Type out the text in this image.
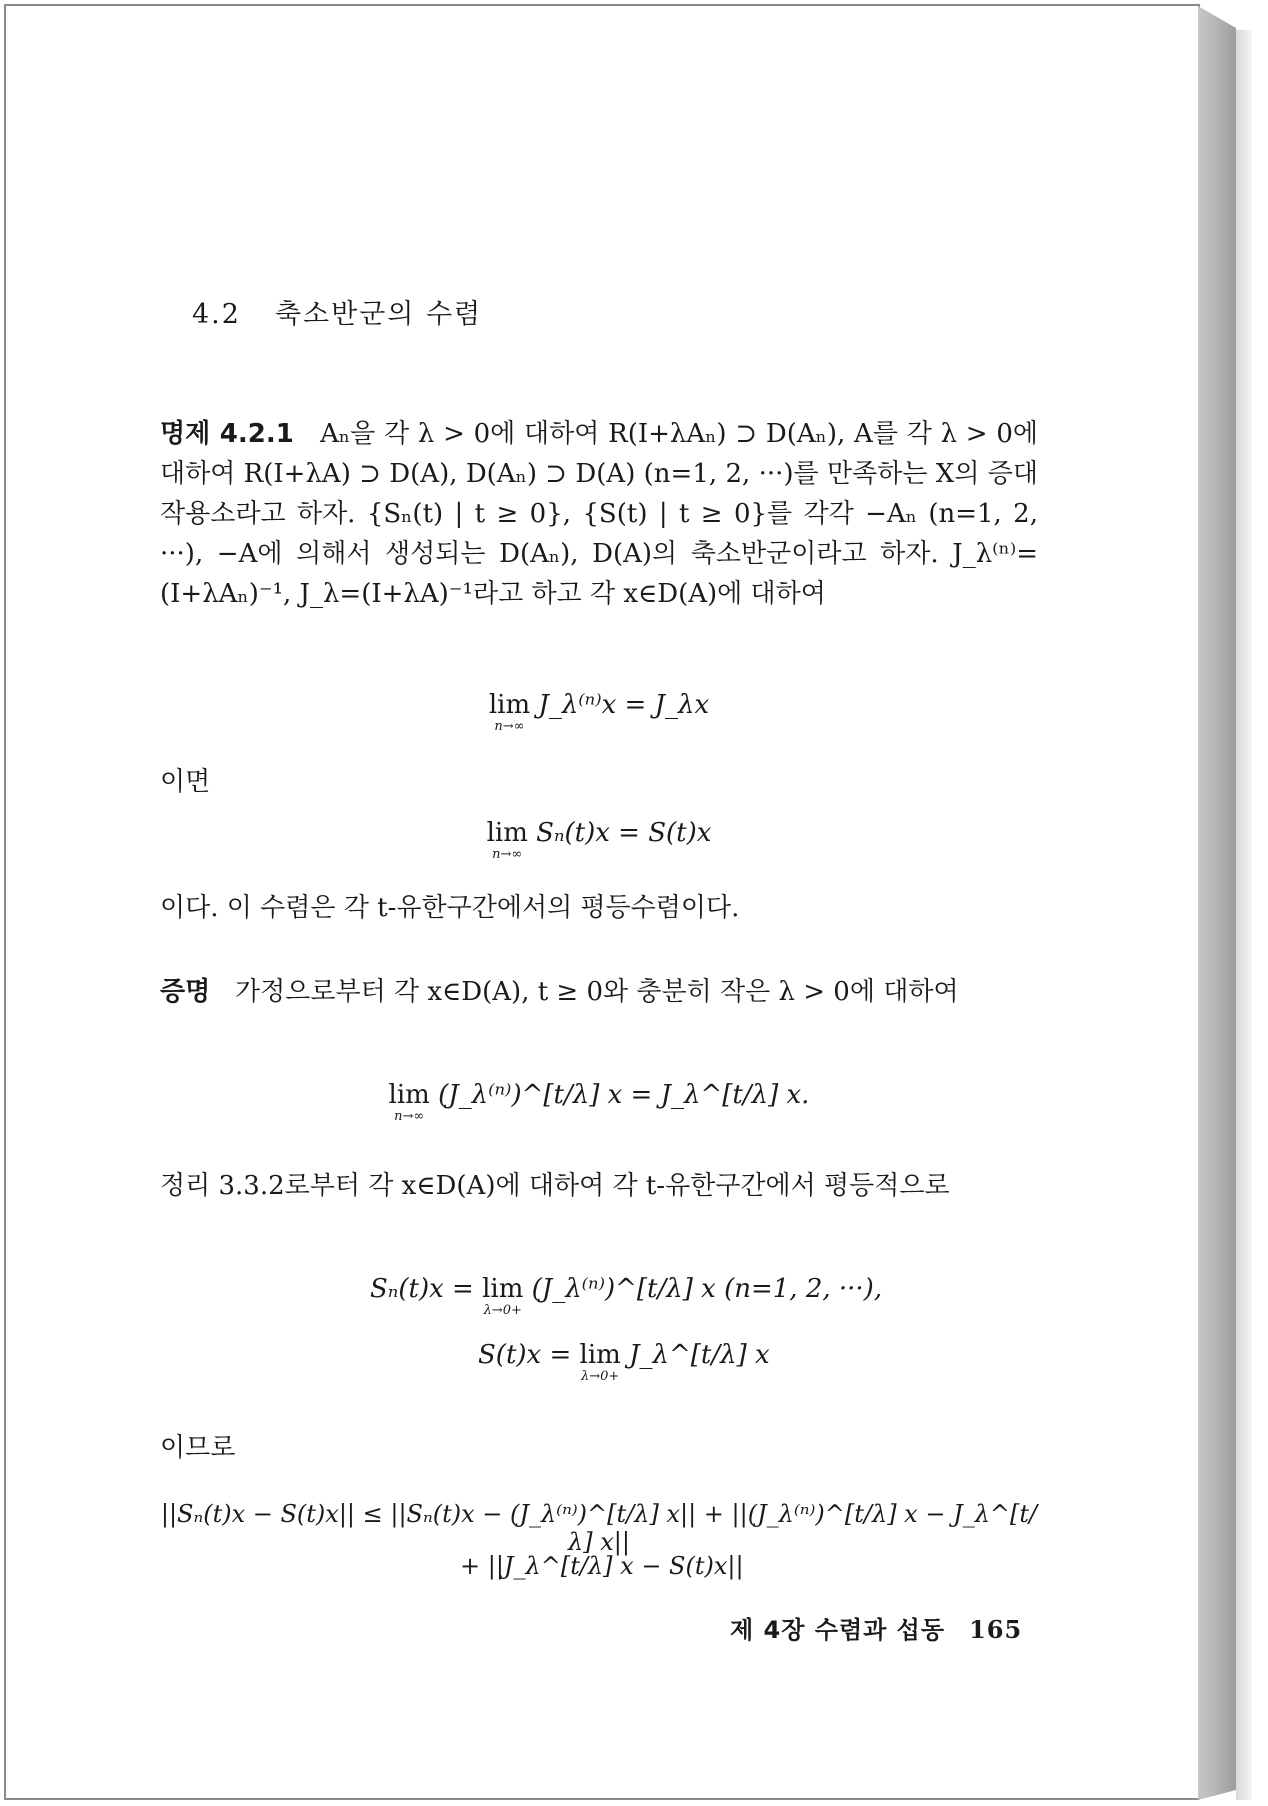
4.2 축소반군의 수렴
명제 4.2.1 Aₙ을 각 λ > 0에 대하여 R(I+λAₙ) ⊃ D(Aₙ), A를 각 λ > 0에 대하여 R(I+λA) ⊃ D(A), D(Aₙ) ⊃ D(A) (n=1, 2, ···)를 만족하는 X의 증대작용소라고 하자. {Sₙ(t) | t ≥ 0}, {S(t) | t ≥ 0}를 각각 −Aₙ (n=1, 2, ···), −A에 의해서 생성되는 D(Aₙ), D(A)의 축소반군이라고 하자. J_λ⁽ⁿ⁾=(I+λAₙ)⁻¹, J_λ=(I+λA)⁻¹라고 하고 각 x∈D(A)에 대하여
lim
n→∞
J_λ⁽ⁿ⁾x = J_λx
이면
lim
n→∞
Sₙ(t)x = S(t)x
이다. 이 수렴은 각 t-유한구간에서의 평등수렴이다.
증명 가정으로부터 각 x∈D(A), t ≥ 0와 충분히 작은 λ > 0에 대하여
lim
n→∞
(J_λ⁽ⁿ⁾)^[t/λ] x = J_λ^[t/λ] x.
정리 3.3.2로부터 각 x∈D(A)에 대하여 각 t-유한구간에서 평등적으로
Sₙ(t)x = lim
λ→0+
(J_λ⁽ⁿ⁾)^[t/λ] x (n=1, 2, ···),
S(t)x = lim
λ→0+
J_λ^[t/λ] x
이므로
||Sₙ(t)x − S(t)x|| ≤ ||Sₙ(t)x − (J_λ⁽ⁿ⁾)^[t/λ] x|| + ||(J_λ⁽ⁿ⁾)^[t/λ] x − J_λ^[t/λ] x||
+ ||J_λ^[t/λ] x − S(t)x||
제 4장 수렴과 섭동 165
